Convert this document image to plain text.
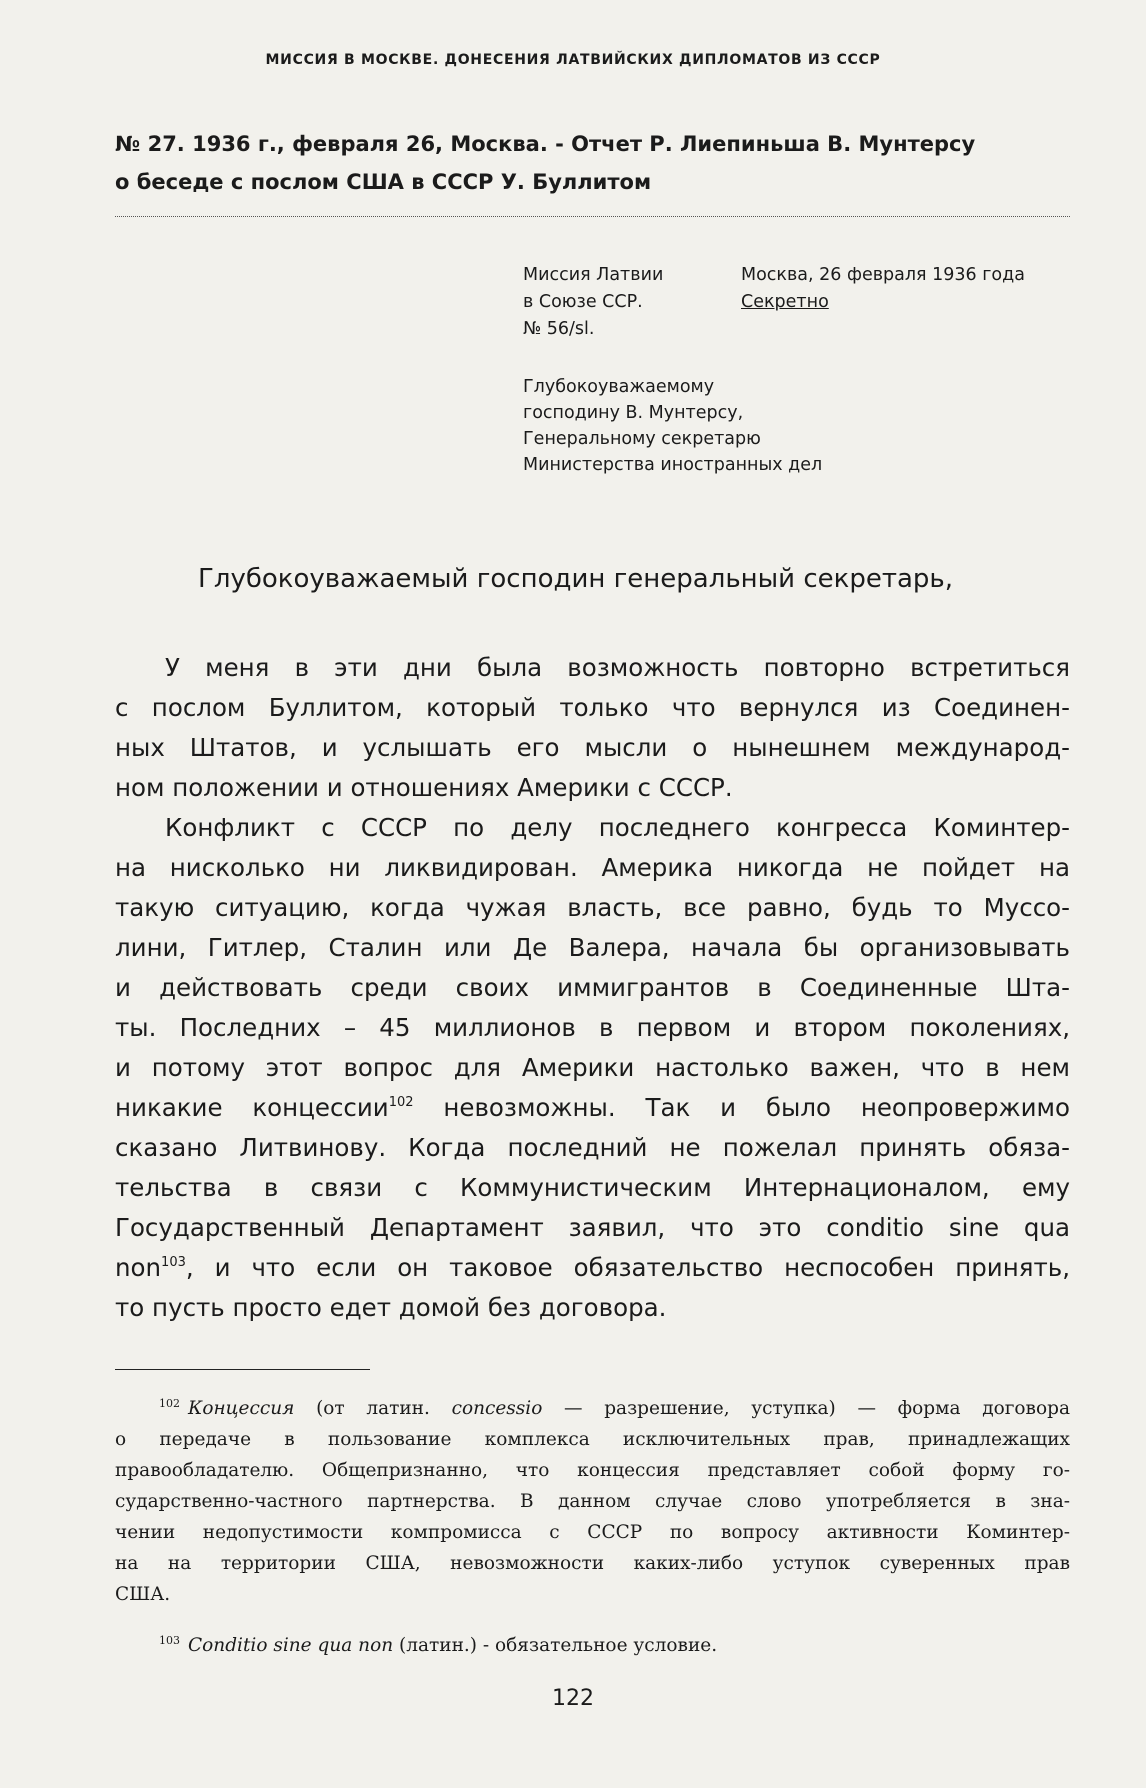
МИССИЯ В МОСКВЕ. ДОНЕСЕНИЯ ЛАТВИЙСКИХ ДИПЛОМАТОВ ИЗ СССР
№ 27. 1936 г., февраля 26, Москва. - Отчет Р. Лиепиньша В. Мунтерсу
о беседе с послом США в СССР У. Буллитом
Миссия Латвии
в Союзе ССР.
№ 56/sl.
Москва, 26 февраля 1936 года
Секретно
Глубокоуважаемому
господину В. Мунтерсу,
Генеральному секретарю
Министерства иностранных дел
Глубокоуважаемый господин генеральный секретарь,
У меня в эти дни была возможность повторно встретиться
с послом Буллитом, который только что вернулся из Соединен-
ных Штатов, и услышать его мысли о нынешнем международ-
ном положении и отношениях Америки с СССР.
Конфликт с СССР по делу последнего конгресса Коминтер-
на нисколько ни ликвидирован. Америка никогда не пойдет на
такую ситуацию, когда чужая власть, все равно, будь то Муссо-
лини, Гитлер, Сталин или Де Валера, начала бы организовывать
и действовать среди своих иммигрантов в Соединенные Шта-
ты. Последних – 45 миллионов в первом и втором поколениях,
и потому этот вопрос для Америки настолько важен, что в нем
никакие концессии$^{102}$ невозможны. Так и было неопровержимо
сказано Литвинову. Когда последний не пожелал принять обяза-
тельства в связи с Коммунистическим Интернационалом, ему
Государственный Департамент заявил, что это conditio sine qua
non$^{103}$, и что если он таковое обязательство неспособен принять,
то пусть просто едет домой без договора.
$^{102}$ Концессия (от латин. concessio — разрешение, уступка) — форма договора
о передаче в пользование комплекса исключительных прав, принадлежащих
правообладателю. Общепризнанно, что концессия представляет собой форму го-
сударственно-частного партнерства. В данном случае слово употребляется в зна-
чении недопустимости компромисса с СССР по вопросу активности Коминтер-
на на территории США, невозможности каких-либо уступок суверенных прав
США.
$^{103}$ Conditio sine qua non (латин.) - обязательное условие.
122
